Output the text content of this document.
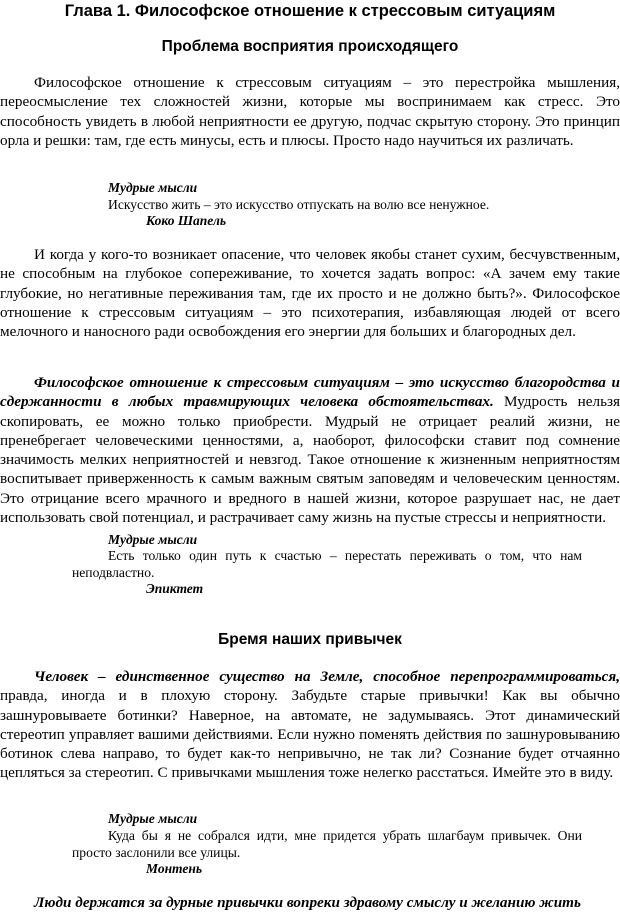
Глава 1. Философское отношение к стрессовым ситуациям
Проблема восприятия происходящего

Философское отношение к стрессовым ситуациям – это перестройка мышления, переосмысление тех сложностей жизни, которые мы воспринимаем как стресс. Это способность увидеть в любой неприятности ее другую, подчас скрытую сторону. Это принцип орла и решки: там, где есть минусы, есть и плюсы. Просто надо научиться их различать.

Мудрые мысли
Искусство жить – это искусство отпускать на волю все ненужное.
Коко Шапель

И когда у кого-то возникает опасение, что человек якобы станет сухим, бесчувственным, не способным на глубокое сопереживание, то хочется задать вопрос: «А зачем ему такие глубокие, но негативные переживания там, где их просто и не должно быть?». Философское отношение к стрессовым ситуациям – это психотерапия, избавляющая людей от всего мелочного и наносного ради освобождения его энергии для больших и благородных дел.

Философское отношение к стрессовым ситуациям – это искусство благородства и сдержанности в любых травмирующих человека обстоятельствах. Мудрость нельзя скопировать, ее можно только приобрести. Мудрый не отрицает реалий жизни, не пренебрегает человеческими ценностями, а, наоборот, философски ставит под сомнение значимость мелких неприятностей и невзгод. Такое отношение к жизненным неприятностям воспитывает приверженность к самым важным святым заповедям и человеческим ценностям. Это отрицание всего мрачного и вредного в нашей жизни, которое разрушает нас, не дает использовать свой потенциал, и растрачивает саму жизнь на пустые стрессы и неприятности.

Мудрые мысли
Есть только один путь к счастью – перестать переживать о том, что нам
неподвластно.
Эпиктет
Бремя наших привычек

Человек – единственное существо на Земле, способное перепрограммироваться, правда, иногда и в плохую сторону. Забудьте старые привычки! Как вы обычно зашнуровываете ботинки? Наверное, на автомате, не задумываясь. Этот динамический стереотип управляет вашими действиями. Если нужно поменять действия по зашнуровыванию ботинок слева направо, то будет как-то непривычно, не так ли? Сознание будет отчаянно цепляться за стереотип. С привычками мышления тоже нелегко расстаться. Имейте это в виду.

Мудрые мысли
Куда бы я не собрался идти, мне придется убрать шлагбаум привычек. Они
просто заслонили все улицы.
Монтень

Люди держатся за дурные привычки вопреки здравому смыслу и желанию жить
